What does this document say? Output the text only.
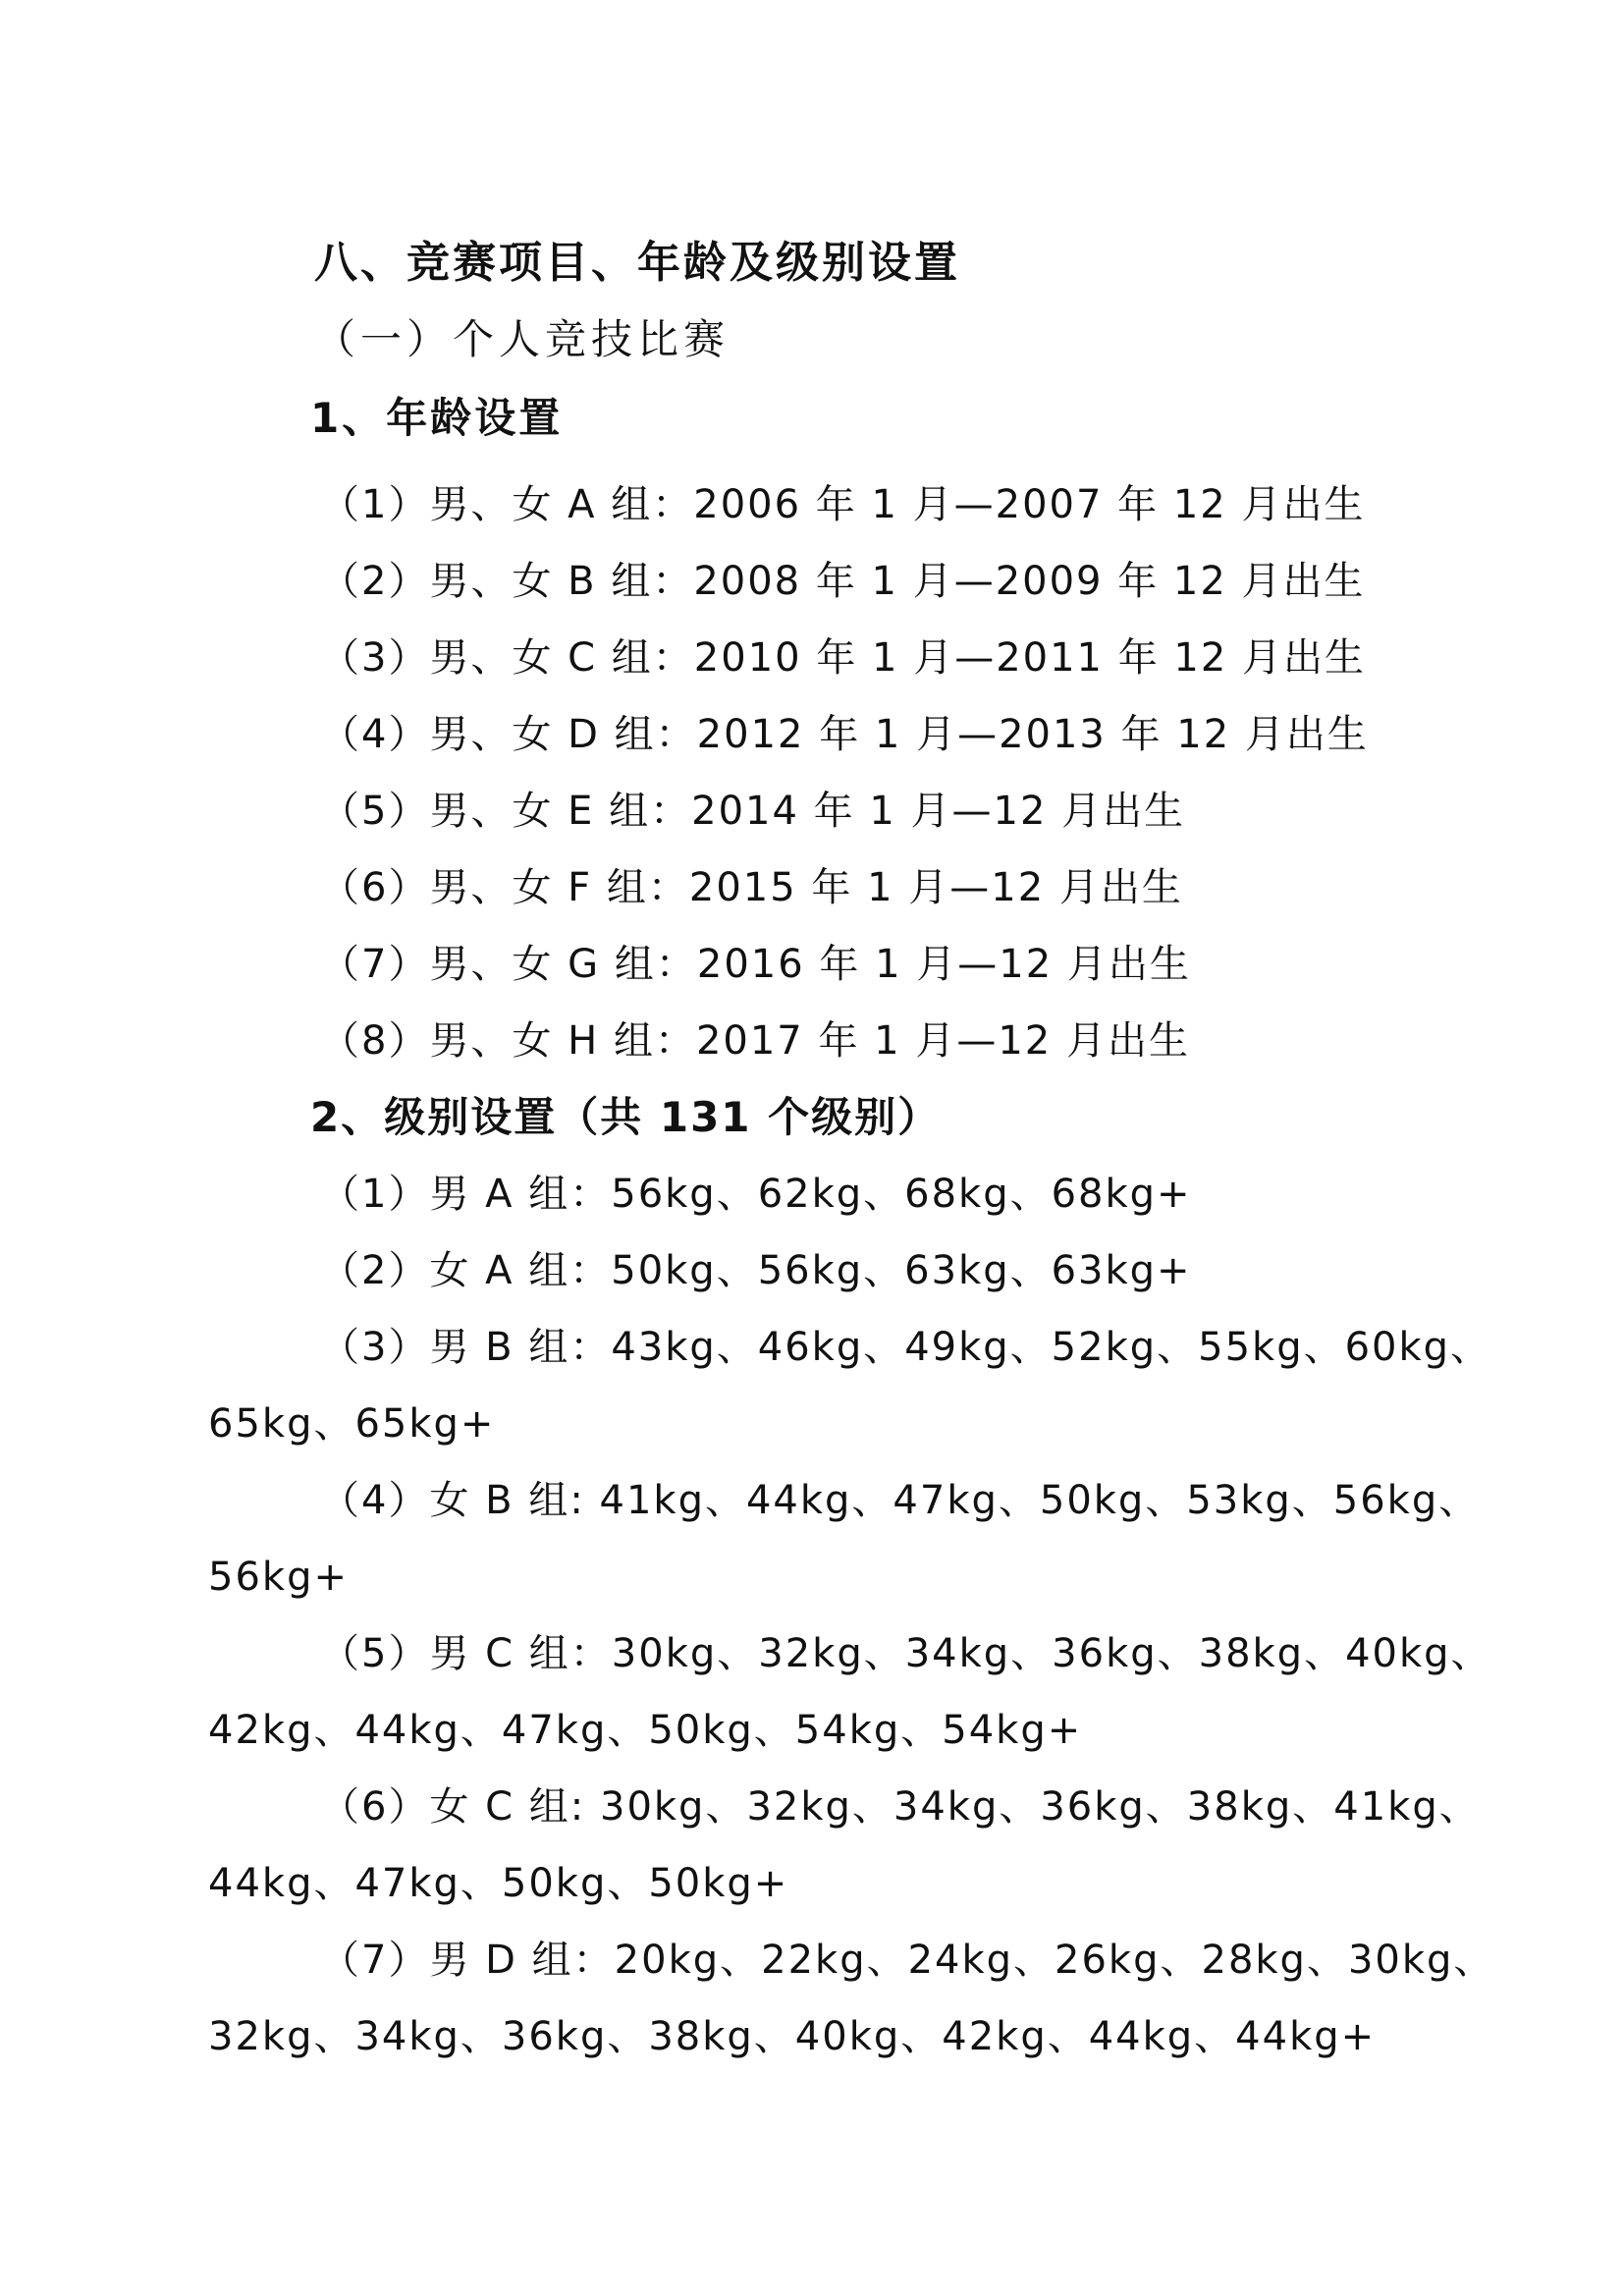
八、竞赛项目、年龄及级别设置
（一）个人竞技比赛
1、年龄设置
（1）男、女 A 组：2006 年 1 月—2007 年 12 月出生
（2）男、女 B 组：2008 年 1 月—2009 年 12 月出生
（3）男、女 C 组：2010 年 1 月—2011 年 12 月出生
（4）男、女 D 组：2012 年 1 月—2013 年 12 月出生
（5）男、女 E 组：2014 年 1 月—12 月出生
（6）男、女 F 组：2015 年 1 月—12 月出生
（7）男、女 G 组：2016 年 1 月—12 月出生
（8）男、女 H 组：2017 年 1 月—12 月出生
2、级别设置（共 131 个级别）
（1）男 A 组：56kg、62kg、68kg、68kg+
（2）女 A 组：50kg、56kg、63kg、63kg+
（3）男 B 组：43kg、46kg、49kg、52kg、55kg、60kg、
65kg、65kg+
（4）女 B 组: 41kg、44kg、47kg、50kg、53kg、56kg、
56kg+
（5）男 C 组：30kg、32kg、34kg、36kg、38kg、40kg、
42kg、44kg、47kg、50kg、54kg、54kg+
（6）女 C 组: 30kg、32kg、34kg、36kg、38kg、41kg、
44kg、47kg、50kg、50kg+
（7）男 D 组：20kg、22kg、24kg、26kg、28kg、30kg、
32kg、34kg、36kg、38kg、40kg、42kg、44kg、44kg+
